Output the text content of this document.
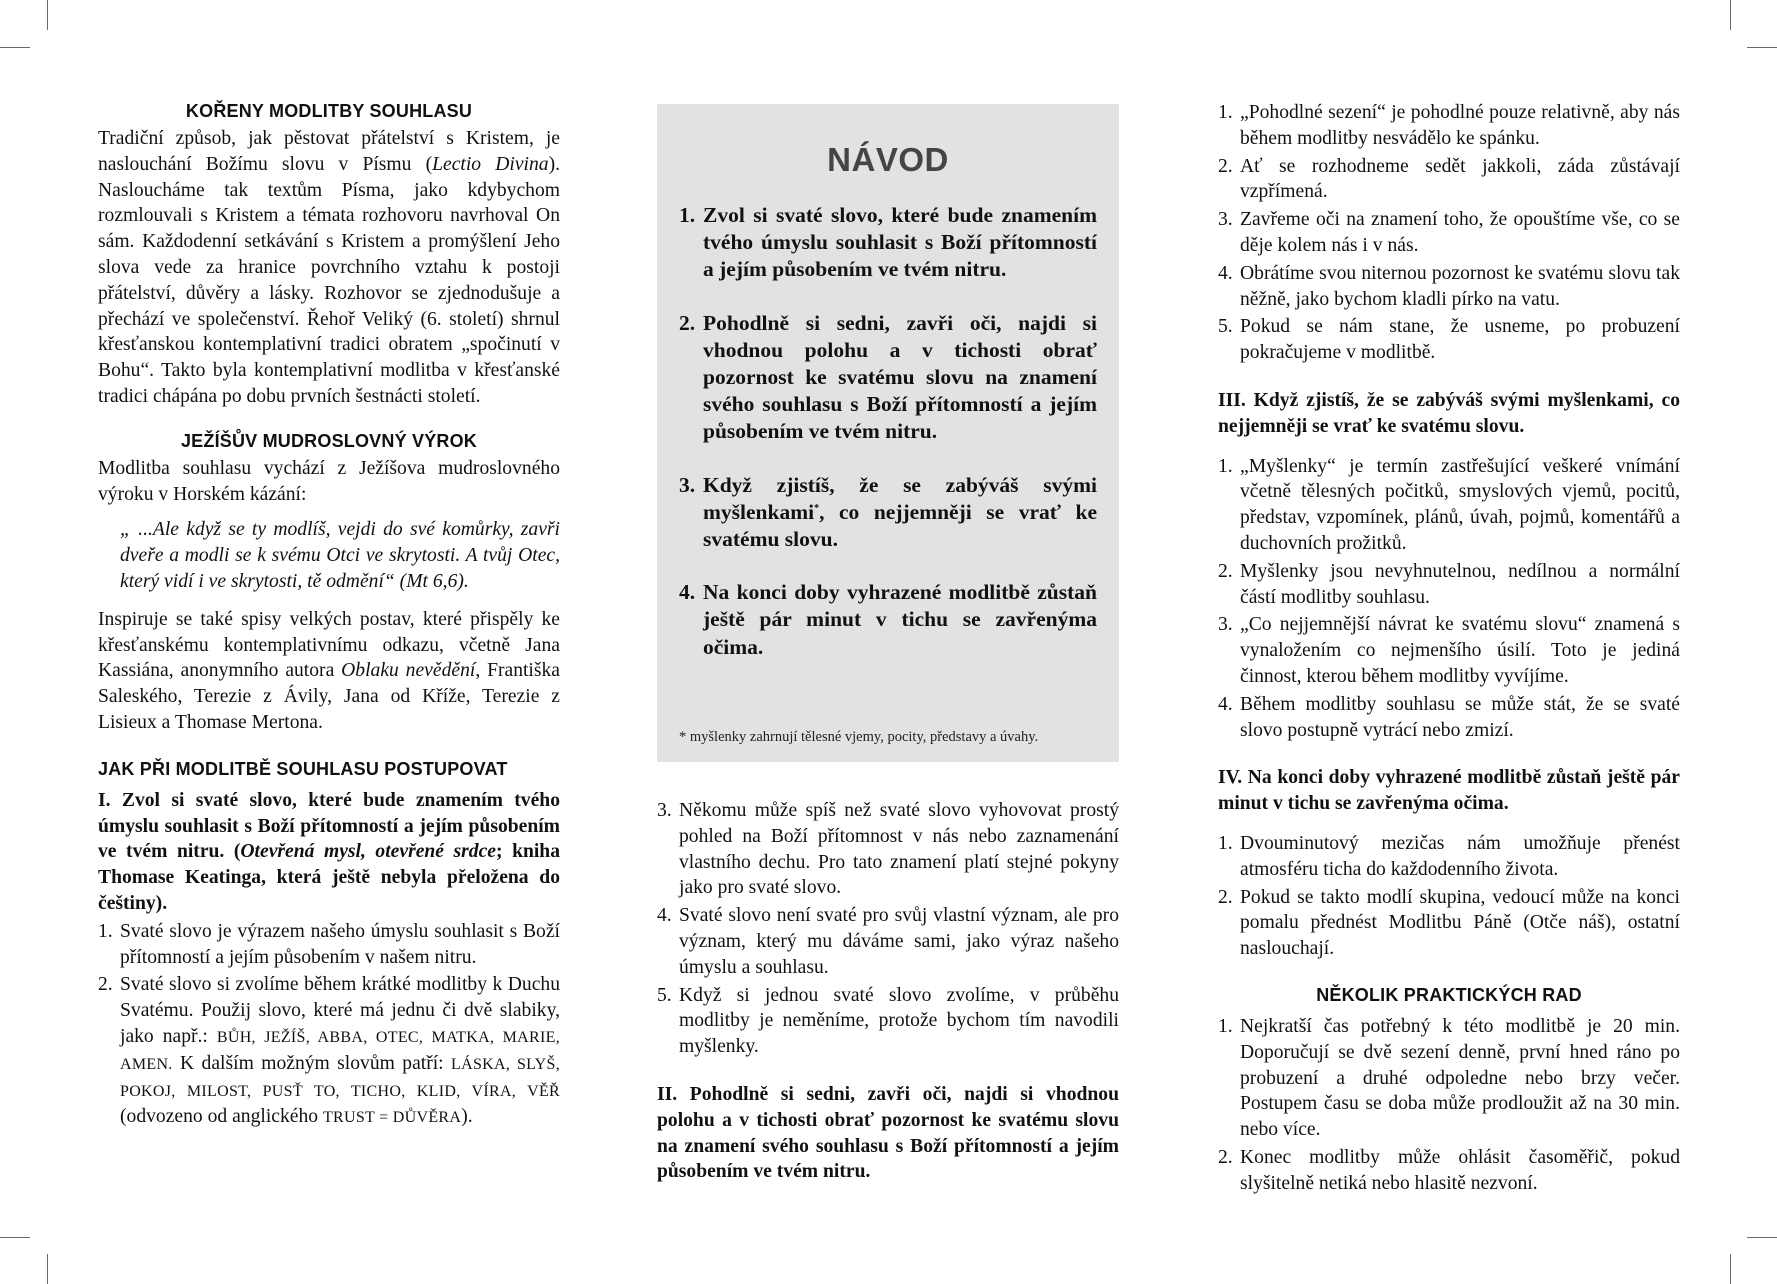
KOŘENY MODLITBY SOUHLASU

Tradiční způsob, jak pěstovat přátelství s Kristem, je naslouchání Božímu slovu v Písmu (Lectio Divina). Nasloucháme tak textům Písma, jako kdybychom rozmlouvali s Kristem a témata rozhovoru navrhoval On sám. Každodenní setkávání s Kristem a promýšlení Jeho slova vede za hranice povrchního vztahu k postoji přátelství, důvěry a lásky. Rozhovor se zjednodušuje a přechází ve společenství. Řehoř Veliký (6. století) shrnul křesťanskou kontemplativní tradici obratem „spočinutí v Bohu“. Takto byla kontemplativní modlitba v křesťanské tradici chápána po dobu prvních šestnácti století.

JEŽÍŠŮV MUDROSLOVNÝ VÝROK

Modlitba souhlasu vychází z Ježíšova mudroslovného výroku v Horském kázání:

„ ...Ale když se ty modlíš, vejdi do své komůrky, zavři dveře a modli se k svému Otci ve skrytosti. A tvůj Otec, který vidí i ve skrytosti, tě odmění“ (Mt 6,6).

Inspiruje se také spisy velkých postav, které přispěly ke křesťanskému kontemplativnímu odkazu, včetně Jana Kassiána, anonymního autora Oblaku nevědění, Františka Saleského, Terezie z Ávily, Jana od Kříže, Terezie z Lisieux a Thomase Mertona.

JAK PŘI MODLITBĚ SOUHLASU POSTUPOVAT

I. Zvol si svaté slovo, které bude znamením tvého úmyslu souhlasit s Boží přítomností a jejím působením ve tvém nitru. (Otevřená mysl, otevřené srdce; kniha Thomase Keatinga, která ještě nebyla přeložena do češtiny).

1. Svaté slovo je výrazem našeho úmyslu souhlasit s Boží přítomností a jejím působením v našem nitru.
2. Svaté slovo si zvolíme během krátké modlitby k Duchu Svatému. Použij slovo, které má jednu či dvě slabiky, jako např.: BŮH, JEŽÍŠ, ABBA, OTEC, MATKA, MARIE, AMEN. K dalším možným slovům patří: LÁSKA, SLYŠ, POKOJ, MILOST, PUSŤ TO, TICHO, KLID, VÍRA, VĚŘ (odvozeno od anglického TRUST = DŮVĚRA).
NÁVOD
1. Zvol si svaté slovo, které bude znamením tvého úmyslu souhlasit s Boží přítomností a jejím působením ve tvém nitru.
2. Pohodlně si sedni, zavři oči, najdi si vhodnou polohu a v tichosti obrať pozornost ke svatému slovu na znamení svého souhlasu s Boží přítomností a jejím působením ve tvém nitru.
3. Když zjistíš, že se zabýváš svými myšlenkami*, co nejjemněji se vrať ke svatému slovu.
4. Na konci doby vyhrazené modlitbě zůstaň ještě pár minut v tichu se zavřenýma očima.

* myšlenky zahrnují tělesné vjemy, pocity, představy a úvahy.

3. Někomu může spíš než svaté slovo vyhovovat prostý pohled na Boží přítomnost v nás nebo zaznamenání vlastního dechu. Pro tato znamení platí stejné pokyny jako pro svaté slovo.
4. Svaté slovo není svaté pro svůj vlastní význam, ale pro význam, který mu dáváme sami, jako výraz našeho úmyslu a souhlasu.
5. Když si jednou svaté slovo zvolíme, v průběhu modlitby je neměníme, protože bychom tím navodili myšlenky.

II. Pohodlně si sedni, zavři oči, najdi si vhodnou polohu a v tichosti obrať pozornost ke svatému slovu na znamení svého souhlasu s Boží přítomností a jejím působením ve tvém nitru.

1. „Pohodlné sezení“ je pohodlné pouze relativně, aby nás během modlitby nesvádělo ke spánku.
2. Ať se rozhodneme sedět jakkoli, záda zůstávají vzpřímená.
3. Zavřeme oči na znamení toho, že opouštíme vše, co se děje kolem nás i v nás.
4. Obrátíme svou niternou pozornost ke svatému slovu tak něžně, jako bychom kladli pírko na vatu.
5. Pokud se nám stane, že usneme, po probuzení pokračujeme v modlitbě.

III. Když zjistíš, že se zabýváš svými myšlenkami, co nejjemněji se vrať ke svatému slovu.

1. „Myšlenky“ je termín zastřešující veškeré vnímání včetně tělesných počitků, smyslových vjemů, pocitů, představ, vzpomínek, plánů, úvah, pojmů, komentářů a duchovních prožitků.
2. Myšlenky jsou nevyhnutelnou, nedílnou a normální částí modlitby souhlasu.
3. „Co nejjemnější návrat ke svatému slovu“ znamená s vynaložením co nejmenšího úsilí. Toto je jediná činnost, kterou během modlitby vyvíjíme.
4. Během modlitby souhlasu se může stát, že se svaté slovo postupně vytrácí nebo zmizí.

IV. Na konci doby vyhrazené modlitbě zůstaň ještě pár minut v tichu se zavřenýma očima.

1. Dvouminutový mezičas nám umožňuje přenést atmosféru ticha do každodenního života.
2. Pokud se takto modlí skupina, vedoucí může na konci pomalu přednést Modlitbu Páně (Otče náš), ostatní naslouchají.
NĚKOLIK PRAKTICKÝCH RAD
1. Nejkratší čas potřebný k této modlitbě je 20 min. Doporučují se dvě sezení denně, první hned ráno po probuzení a druhé odpoledne nebo brzy večer. Postupem času se doba může prodloužit až na 30 min. nebo více.
2. Konec modlitby může ohlásit časoměřič, pokud slyšitelně netiká nebo hlasitě nezvoní.
